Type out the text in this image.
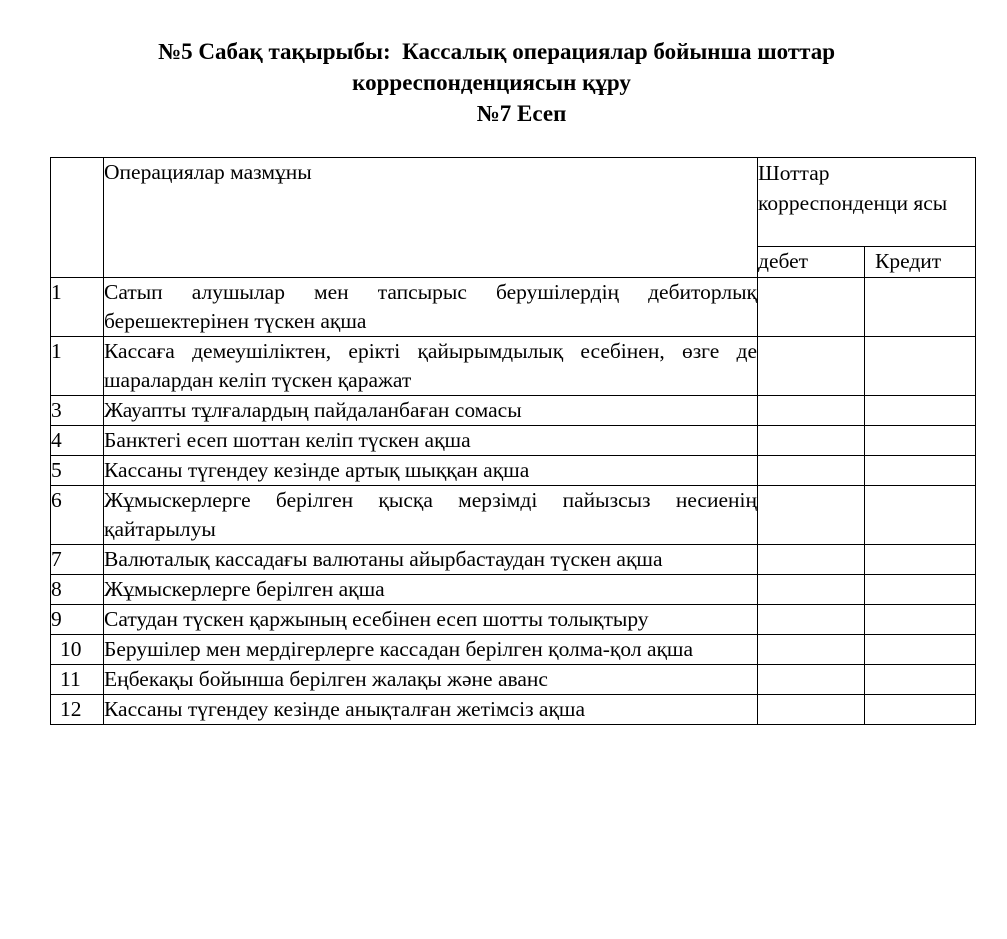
№5 Сабақ тақырыбы:  Кассалық операциялар бойынша шоттар
корреспонденциясын құру
№7 Есеп
	Операциялар мазмұны	Шоттар корреспонденци ясы	
		дебет	Кредит
1	Сатып алушылар мен тапсырыс берушілердің дебиторлық берешектерінен түскен ақша		
1	Кассаға демеушіліктен, ерікті қайырымдылық есебінен, өзге де шаралардан келіп түскен қаражат		
3	Жауапты тұлғалардың пайдаланбаған сомасы		
4	Банктегі есеп шоттан келіп түскен ақша		
5	Кассаны түгендеу кезінде артық шыққан ақша		
6	Жұмыскерлерге берілген қысқа мерзімді пайызсыз несиенің қайтарылуы		
7	Валюталық кассадағы валютаны айырбастаудан түскен ақша		
8	Жұмыскерлерге берілген ақша		
9	Сатудан түскен қаржының есебінен есеп шотты толықтыру		
10	Берушілер мен мердігерлерге кассадан берілген қолма-қол ақша		
11	Еңбекақы бойынша берілген жалақы және аванс		
12	Кассаны түгендеу кезінде анықталған жетімсіз ақша		
